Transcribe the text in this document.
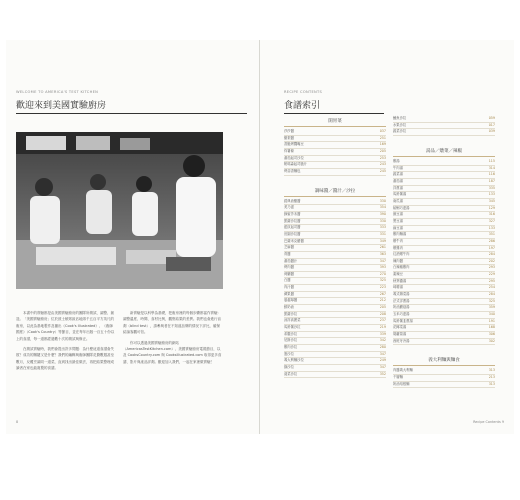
WELCOME TO AMERICA'S TEST KITCHEN
歡迎來到美國實驗廚房

本書中的實驗都是由美國實驗廚房的團隊所測試、調整、創造。「美國實驗廚房」位於波士頓郊區佔地兩千五百平方英尺的廚房，以此為基地製作及播出《Cook's Illustrated》、《廚師國度》（Cook's Country）等節目，並在每年出版一百五十份以上的食譜，每一道都經過數十次的測試與修正。

在測試實驗時，我們會提出許多問題：為什麼這道食譜會失敗？成功的關鍵又是什麼？我們的編輯與廚師團隊花費數週甚至數月，反覆烹調同一道菜，直到找出最佳做法，再把結果整理成讀者在家也能複製的食譜。

新實驗是以科學為基礎，把廚房裡的每個步驟都當作實驗：調整溫度、時間、食材比例，觀察結果的差異。我們也會進行盲測（blind test），請參與者在不知道品牌的情況下評比，確保結論客觀可信。

你可以透過美國實驗廚房的網站（AmericasTestKitchen.com）、美國實驗廚房電視節目，以及 CooksCountry.com 與 CooksIllustrated.com 取得更多食譜、影片與產品評測。歡迎加入我們，一起在家裡做實驗！

8
RECIPE CONTENTS
食譜索引
開胃菜
莎莎醬	037
酪梨醬	251
香脆烤鷹嘴豆	169
炸薯條	205
番茄起司沙拉	253
帕瑪森起司脆片	243
烤蒜香麵包	245
調味醬／醬汁／沙拉
經典油醋醬	330
美乃滋	354
蜂蜜芥末醬	390
凱薩沙拉醬	330
藍紋起司醬	333
田園沙拉醬	331
巴薩米克醋醬	349
芝麻醬	261
青醬	363
番茄醬汁	347
烤肉醬	393
荷蘭醬	270
白醬	325
肉汁醬	223
蘋果醬	267
蔓越莓醬	212
鮮奶油	205
凱薩沙拉	208
涼拌高麗菜	237
馬鈴薯沙拉	219
希臘沙拉	339
尼斯沙拉	342
雞肉沙拉	280
蛋沙拉	347
義大利麵沙拉	249
綠沙拉	347
菠菜沙拉	352
鮪魚沙拉	059
水果沙拉	017
蔬菜沙拉	039
湯品／燉菜／辣椒
雞湯	115
牛肉湯	314
蔬菜湯	116
番茄湯	187
洋蔥湯	335
馬鈴薯湯	133
南瓜湯	345
蛤蜊巧達湯	129
豌豆湯	316
黑豆湯	327
扁豆湯	133
雞肉麵湯	351
燉牛肉	286
燉雞肉	197
紅酒燉牛肉	284
辣肉醬	202
白辣椒雞肉	293
素辣豆	229
秋葵濃湯	295
味噌湯	254
義式雜菜湯	284
法式洋蔥湯	325
奶油蘑菇湯	359
玉米巧達湯	340
馬鈴薯韭蔥湯	191
花椰菜湯	168
胡蘿蔔湯	306
西班牙冷湯	302
義大利麵與麵食
肉醬義大利麵	313
千層麵	213
奶油培根麵	313
Recipe Contents 9
